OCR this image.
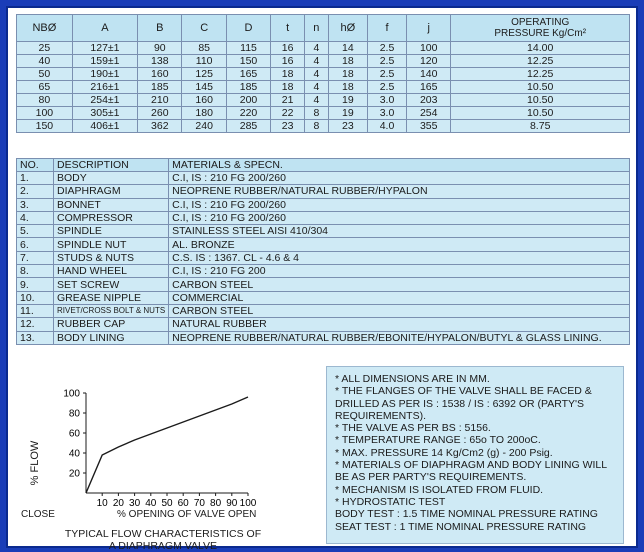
NBØ	A	B	C	D	t	n	hØ	f	j	OPERATING
PRESSURE Kg/Cm²

25	127±1	90	85	115	16	4	14	2.5	100	14.00
40	159±1	138	110	150	16	4	18	2.5	120	12.25
50	190±1	160	125	165	18	4	18	2.5	140	12.25
65	216±1	185	145	185	18	4	18	2.5	165	10.50
80	254±1	210	160	200	21	4	19	3.0	203	10.50
100	305±1	260	180	220	22	8	19	3.0	254	10.50
150	406±1	362	240	285	23	8	23	4.0	355	8.75
NO.	DESCRIPTION	MATERIALS & SPECN.
1.	BODY	C.I, IS : 210 FG 200/260
2.	DIAPHRAGM	NEOPRENE RUBBER/NATURAL RUBBER/HYPALON
3.	BONNET	C.I, IS : 210 FG 200/260
4.	COMPRESSOR	C.I, IS : 210 FG 200/260
5.	SPINDLE	STAINLESS STEEL AISI 410/304
6.	SPINDLE NUT	AL. BRONZE
7.	STUDS & NUTS	C.S. IS : 1367. CL - 4.6 & 4
8.	HAND WHEEL	C.I, IS : 210 FG 200
9.	SET SCREW	CARBON STEEL
10.	GREASE NIPPLE	COMMERCIAL
11.	RIVET/CROSS BOLT & NUTS	CARBON STEEL
12.	RUBBER CAP	NATURAL RUBBER
13.	BODY LINING	NEOPRENE RUBBER/NATURAL RUBBER/EBONITE/HYPALON/BUTYL & GLASS LINING.
100
80
60
40
20
10 20 30 40 50 60 70 80 90 100
% FLOW
% OPENING OF VALVE
CLOSE	OPEN
TYPICAL FLOW CHARACTERISTICS OF
A DIAPHRAGM VALVE
* ALL DIMENSIONS ARE IN MM.
* THE FLANGES OF THE VALVE SHALL BE FACED &
DRILLED AS PER IS : 1538 / IS : 6392 OR (PARTY'S
REQUIREMENTS).
* THE VALVE AS PER BS : 5156.
* TEMPERATURE RANGE : 65o TO 200oC.
* MAX. PRESSURE 14 Kg/Cm2 (g) - 200 Psig.
* MATERIALS OF DIAPHRAGM AND BODY LINING WILL
BE AS PER PARTY'S REQUIREMENTS.
* MECHANISM IS ISOLATED FROM FLUID.
* HYDROSTATIC TEST
BODY TEST : 1.5 TIME NOMINAL PRESSURE RATING
SEAT TEST : 1 TIME NOMINAL PRESSURE RATING
